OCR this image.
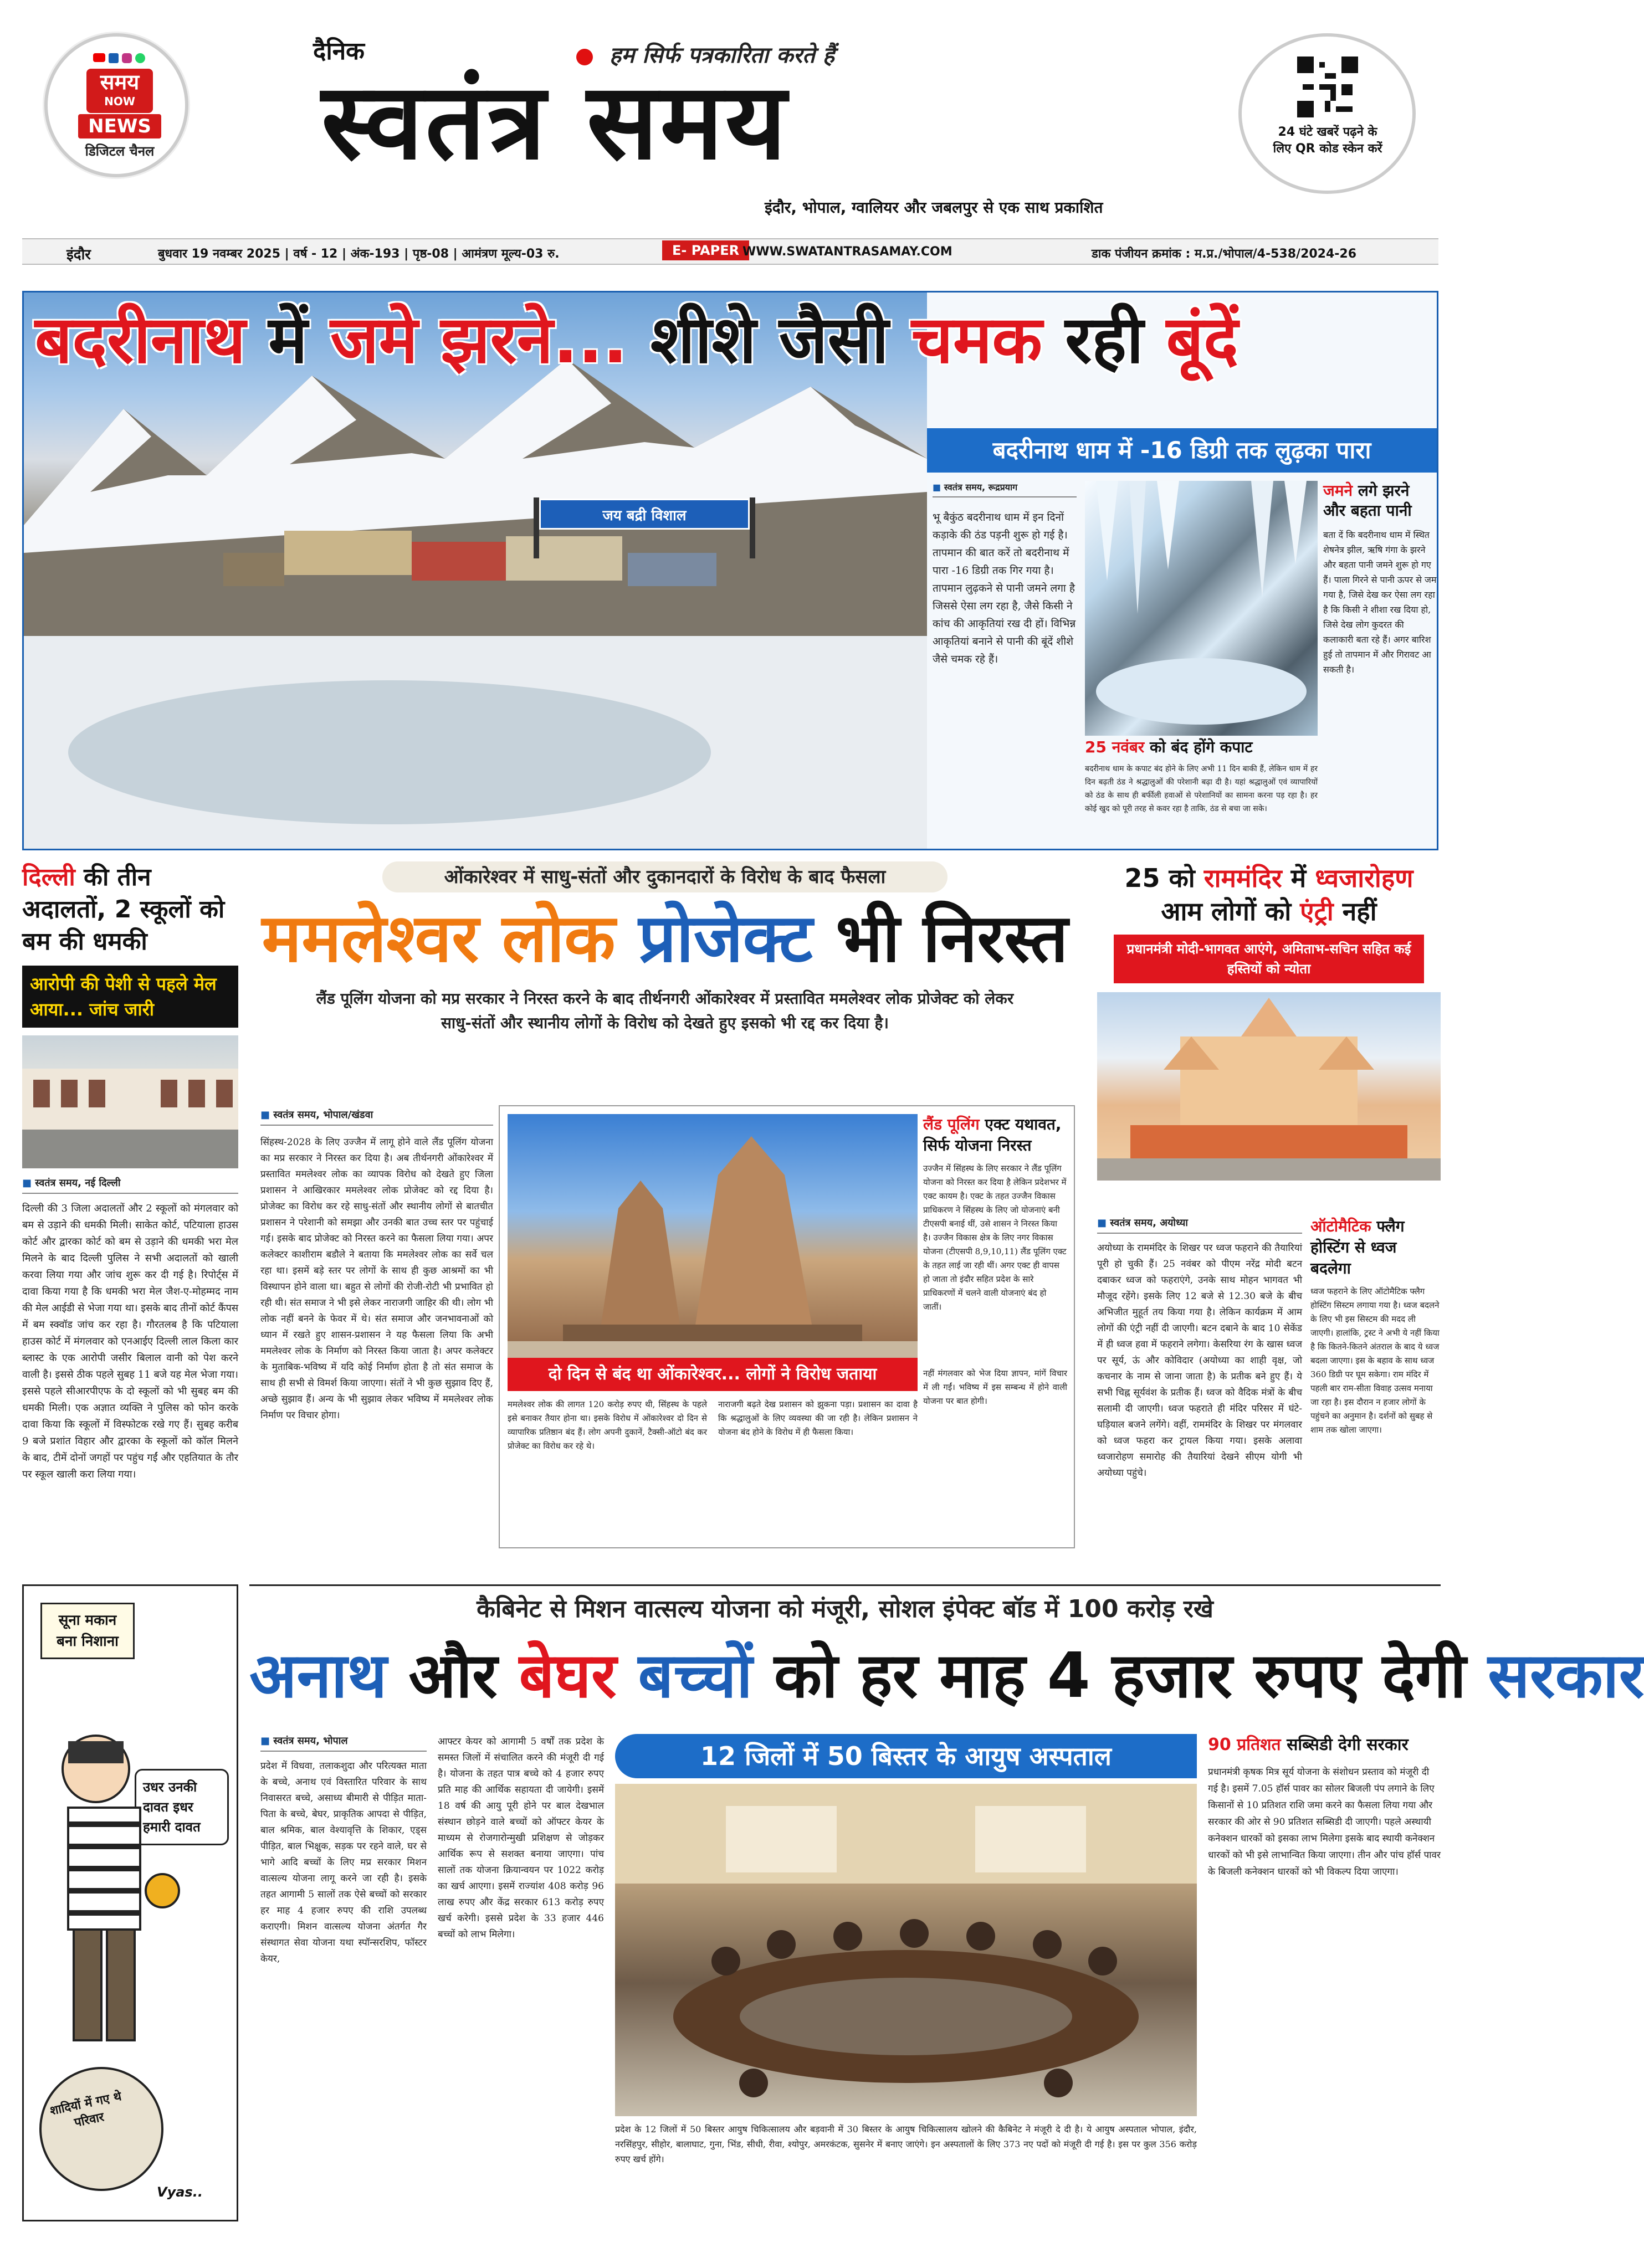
समय
NOW
NEWS
डिजिटल चैनल
हम सिर्फ पत्रकारिता करते हैं
दैनिक
स्वतंत्र समय
इंदौर, भोपाल, ग्वालियर और जबलपुर से एक साथ प्रकाशित
24 घंटे खबरें पढ़ने के लिए QR कोड स्केन करें
इंदौर	बुधवार 19 नवम्बर 2025 | वर्ष - 12 | अंक-193 | पृष्ठ-08 | आमंत्रण मूल्य-03 रु.	E- PAPER WWW.SWATANTRASAMAY.COM	डाक पंजीयन क्रमांक : म.प्र./भोपाल/4-538/2024-26
जय बद्री विशाल
बदरीनाथ में जमे झरने... शीशे जैसी चमक रही बूंदें
बदरीनाथ धाम में -16 डिग्री तक लुढ़का पारा
■ स्वतंत्र समय, रूद्रप्रयाग
भू बैकुंठ बदरीनाथ धाम में इन दिनों कड़ाके की ठंड पड़नी शुरू हो गई है। तापमान की बात करें तो बदरीनाथ में पारा -16 डिग्री तक गिर गया है। तापमान लुढ़कने से पानी जमने लगा है जिससे ऐसा लग रहा है, जैसे किसी ने कांच की आकृतियां रख दी हों। विभिन्न आकृतियां बनाने से पानी की बूंदें शीशे जैसे चमक रहे हैं।
जमने लगे झरने और बहता पानी
बता दें कि बदरीनाथ धाम में स्थित शेषनेत्र झील, ऋषि गंगा के झरने और बहता पानी जमने शुरू हो गए हैं। पाला गिरने से पानी ऊपर से जम गया है, जिसे देख कर ऐसा लग रहा है कि किसी ने शीशा रख दिया हो, जिसे देख लोग कुदरत की कलाकारी बता रहे हैं। अगर बारिश हुई तो तापमान में और गिरावट आ सकती है।
25 नवंबर को बंद होंगे कपाट
बदरीनाथ धाम के कपाट बंद होने के लिए अभी 11 दिन बाकी हैं, लेकिन धाम में हर दिन बढ़ती ठंड ने श्रद्धालुओं की परेशानी बढ़ा दी है। यहां श्रद्धालुओं एवं व्यापारियों को ठंड के साथ ही बर्फीली हवाओं से परेशानियों का सामना करना पड़ रहा है। हर कोई खुद को पूरी तरह से कवर रहा है ताकि, ठंड से बचा जा सके।
दिल्ली की तीन अदालतों, 2 स्कूलों को बम की धमकी
आरोपी की पेशी से पहले मेल आया... जांच जारी
■ स्वतंत्र समय, नई दिल्ली
दिल्ली की 3 जिला अदालतों और 2 स्कूलों को मंगलवार को बम से उड़ाने की धमकी मिली। साकेत कोर्ट, पटियाला हाउस कोर्ट और द्वारका कोर्ट को बम से उड़ाने की धमकी भरा मेल मिलने के बाद दिल्ली पुलिस ने सभी अदालतों को खाली करवा लिया गया और जांच शुरू कर दी गई है। रिपोर्ट्स में दावा किया गया है कि धमकी भरा मेल जैश-ए-मोहम्मद नाम की मेल आईडी से भेजा गया था। इसके बाद तीनों कोर्ट कैंपस में बम स्क्वॉड जांच कर रहा है। गौरतलब है कि पटियाला हाउस कोर्ट में मंगलवार को एनआईए दिल्ली लाल किला कार ब्लास्ट के एक आरोपी जसीर बिलाल वानी को पेश करने वाली है। इससे ठीक पहले सुबह 11 बजे यह मेल भेजा गया। इससे पहले सीआरपीएफ के दो स्कूलों को भी सुबह बम की धमकी मिली। एक अज्ञात व्यक्ति ने पुलिस को फोन करके दावा किया कि स्कूलों में विस्फोटक रखे गए हैं। सुबह करीब 9 बजे प्रशांत विहार और द्वारका के स्कूलों को कॉल मिलने के बाद, टीमें दोनों जगहों पर पहुंच गईं और एहतियात के तौर पर स्कूल खाली करा लिया गया।
ओंकारेश्वर में साधु-संतों और दुकानदारों के विरोध के बाद फैसला
ममलेश्वर लोक प्रोजेक्ट भी निरस्त
लैंड पूलिंग योजना को मप्र सरकार ने निरस्त करने के बाद तीर्थनगरी ओंकारेश्वर में प्रस्तावित ममलेश्वर लोक प्रोजेक्ट को लेकर साधु-संतों और स्थानीय लोगों के विरोध को देखते हुए इसको भी रद्द कर दिया है।
■ स्वतंत्र समय, भोपाल/खंडवा
सिंहस्थ-2028 के लिए उज्जैन में लागू होने वाले लैंड पूलिंग योजना का मप्र सरकार ने निरस्त कर दिया है। अब तीर्थनगरी ओंकारेश्वर में प्रस्तावित ममलेश्वर लोक का व्यापक विरोध को देखते हुए जिला प्रशासन ने आखिरकार ममलेश्वर लोक प्रोजेक्ट को रद्द दिया है। प्रोजेक्ट का विरोध कर रहे साधु-संतों और स्थानीय लोगों से बातचीत प्रशासन ने परेशानी को समझा और उनकी बात उच्च स्तर पर पहुंचाई गई। इसके बाद प्रोजेक्ट को निरस्त करने का फैसला लिया गया। अपर कलेक्टर काशीराम बडौले ने बताया कि ममलेश्वर लोक का सर्वे चल रहा था। इसमें बड़े स्तर पर लोगों के साथ ही कुछ आश्रमों का भी विस्थापन होने वाला था। बहुत से लोगों की रोजी-रोटी भी प्रभावित हो रही थी। संत समाज ने भी इसे लेकर नाराजगी जाहिर की थी। लोग भी लोक नहीं बनने के फेवर में थे। संत समाज और जनभावनाओं को ध्यान में रखते हुए शासन-प्रशासन ने यह फैसला लिया कि अभी ममलेश्वर लोक के निर्माण को निरस्त किया जाता है। अपर कलेक्टर के मुताबिक-भविष्य में यदि कोई निर्माण होता है तो संत समाज के साथ ही सभी से विमर्श किया जाएगा। संतों ने भी कुछ सुझाव दिए हैं, अच्छे सुझाव हैं। अन्य के भी सुझाव लेकर भविष्य में ममलेश्वर लोक निर्माण पर विचार होगा।
लैंड पूलिंग एक्ट यथावत, सिर्फ योजना निरस्त
उज्जैन में सिंहस्थ के लिए सरकार ने लैंड पूलिंग योजना को निरस्त कर दिया है लेकिन प्रदेशभर में एक्ट कायम है। एक्ट के तहत उज्जैन विकास प्राधिकरण ने सिंहस्थ के लिए जो योजनाएं बनी टीएसपी बनाई थीं, उसे शासन ने निरस्त किया है। उज्जैन विकास क्षेत्र के लिए नगर विकास योजना (टीएसपी 8,9,10,11) लैंड पूलिंग एक्ट के तहत लाई जा रही थीं। अगर एक्ट ही वापस हो जाता तो इंदौर सहित प्रदेश के सारे प्राधिकरणों में चलने वाली योजनाएं बंद हो जातीं।
दो दिन से बंद था ओंकारेश्वर... लोगों ने विरोध जताया
ममलेश्वर लोक की लागत 120 करोड़ रुपए थी, सिंहस्थ के पहले इसे बनाकर तैयार होना था। इसके विरोध में ओंकारेश्वर दो दिन से व्यापारिक प्रतिष्ठान बंद हैं। लोग अपनी दुकानें, टैक्सी-ऑटो बंद कर प्रोजेक्ट का विरोध कर रहे थे।
नाराजगी बढ़ते देख प्रशासन को झुकना पड़ा। प्रशासन का दावा है कि श्रद्धालुओं के लिए व्यवस्था की जा रही है। लेकिन प्रशासन ने योजना बंद होने के विरोध में ही फैसला किया।
नहीं मंगलवार को भेज दिया ज्ञापन, मांगें विचार में ली गईं। भविष्य में इस सम्बन्ध में होने वाली योजना पर बात होगी।
25 को राममंदिर में ध्वजारोहण
आम लोगों को एंट्री नहीं
प्रधानमंत्री मोदी-भागवत आएंगे, अमिताभ-सचिन सहित कई हस्तियों को न्योता
■ स्वतंत्र समय, अयोध्या
अयोध्या के राममंदिर के शिखर पर ध्वज फहराने की तैयारियां पूरी हो चुकी हैं। 25 नवंबर को पीएम नरेंद्र मोदी बटन दबाकर ध्वज को फहराएंगे, उनके साथ मोहन भागवत भी मौजूद रहेंगे। इसके लिए 12 बजे से 12.30 बजे के बीच अभिजीत मुहूर्त तय किया गया है। लेकिन कार्यक्रम में आम लोगों की एंट्री नहीं दी जाएगी। बटन दबाने के बाद 10 सेकेंड में ही ध्वज हवा में फहराने लगेगा। केसरिया रंग के खास ध्वज पर सूर्य, ऊं और कोविदार (अयोध्या का शाही वृक्ष, जो कचनार के नाम से जाना जाता है) के प्रतीक बने हुए हैं। ये सभी चिह्न सूर्यवंश के प्रतीक हैं। ध्वज को वैदिक मंत्रों के बीच सलामी दी जाएगी। ध्वज फहराते ही मंदिर परिसर में घंटे-घड़ियाल बजने लगेंगे। वहीं, राममंदिर के शिखर पर मंगलवार को ध्वज फहरा कर ट्रायल किया गया। इसके अलावा ध्वजारोहण समारोह की तैयारियां देखने सीएम योगी भी अयोध्या पहुंचे।
ऑटोमैटिक फ्लैग होस्टिंग से ध्वज बदलेगा
ध्वज फहराने के लिए ऑटोमैटिक फ्लैग होस्टिंग सिस्टम लगाया गया है। ध्वज बदलने के लिए भी इस सिस्टम की मदद ली जाएगी। हालांकि, ट्रस्ट ने अभी ये नहीं किया है कि कितने-कितने अंतराल के बाद ये ध्वज बदला जाएगा। इस के बहाव के साथ ध्वज 360 डिग्री पर घूम सकेगा। राम मंदिर में पहली बार राम-सीता विवाह उत्सव मनाया जा रहा है। इस दौरान न हजार लोगों के पहुंचने का अनुमान है। दर्शनों को सुबह से शाम तक खोला जाएगा।
कैबिनेट से मिशन वात्सल्य योजना को मंजूरी, सोशल इंपेक्ट बॉड में 100 करोड़ रखे
अनाथ और बेघर बच्चों को हर माह 4 हजार रुपए देगी सरकार
■ स्वतंत्र समय, भोपाल
प्रदेश में विधवा, तलाकशुदा और परित्यक्त माता के बच्चे, अनाथ एवं विस्तारित परिवार के साथ निवासरत बच्चे, असाध्य बीमारी से पीड़ित माता-पिता के बच्चे, बेघर, प्राकृतिक आपदा से पीड़ित, बाल श्रमिक, बाल वेश्यावृत्ति के शिकार, एड्स पीड़ित, बाल भिक्षुक, सड़क पर रहने वाले, घर से भागे आदि बच्चों के लिए मप्र सरकार मिशन वात्सल्य योजना लागू करने जा रही है। इसके तहत आगामी 5 सालों तक ऐसे बच्चों को सरकार हर माह 4 हजार रुपए की राशि उपलब्ध कराएगी। मिशन वात्सल्य योजना अंतर्गत गैर संस्थागत सेवा योजना यथा स्पॉन्सरशिप, फॉस्टर केयर,
आफ्टर केयर को आगामी 5 वर्षों तक प्रदेश के समस्त जिलों में संचालित करने की मंजूरी दी गई है। योजना के तहत पात्र बच्चे को 4 हजार रुपए प्रति माह की आर्थिक सहायता दी जायेगी। इसमें 18 वर्ष की आयु पूरी होने पर बाल देखभाल संस्थान छोड़ने वाले बच्चों को ऑफ्टर केयर के माध्यम से रोजगारोन्मुखी प्रशिक्षण से जोड़कर आर्थिक रूप से सशक्त बनाया जाएगा। पांच सालों तक योजना क्रियान्वयन पर 1022 करोड़ का खर्च आएगा। इसमें राज्यांश 408 करोड़ 96 लाख रुपए और केंद्र सरकार 613 करोड़ रुपए खर्च करेगी। इससे प्रदेश के 33 हजार 446 बच्चों को लाभ मिलेगा।
12 जिलों में 50 बिस्तर के आयुष अस्पताल
प्रदेश के 12 जिलों में 50 बिस्तर आयुष चिकित्सालय और बड़वानी में 30 बिस्तर के आयुष चिकित्सालय खोलने की कैबिनेट ने मंजूरी दे दी है। ये आयुष अस्पताल भोपाल, इंदौर, नरसिंहपुर, सीहोर, बालाघाट, गुना, भिंड, सीधी, रीवा, श्योपुर, अमरकंटक, सुसनेर में बनाए जाएंगे। इन अस्पतालों के लिए 373 नए पदों को मंजूरी दी गई है। इस पर कुल 356 करोड़ रुपए खर्च होंगे।
90 प्रतिशत सब्सिडी देगी सरकार
प्रधानमंत्री कृषक मित्र सूर्य योजना के संशोधन प्रस्ताव को मंजूरी दी गई है। इसमें 7.05 हॉर्स पावर का सोलर बिजली पंप लगाने के लिए किसानों से 10 प्रतिशत राशि जमा करने का फैसला लिया गया और सरकार की ओर से 90 प्रतिशत सब्सिडी दी जाएगी। पहले अस्थायी कनेक्शन धारकों को इसका लाभ मिलेगा इसके बाद स्थायी कनेक्शन धारकों को भी इसे लाभान्वित किया जाएगा। तीन और पांच हॉर्स पावर के बिजली कनेक्शन धारकों को भी विकल्प दिया जाएगा।
सूना मकान बना निशाना
उधर उनकी दावत इधर हमारी दावत
शादियों में गए थे परिवार
Vyas..
